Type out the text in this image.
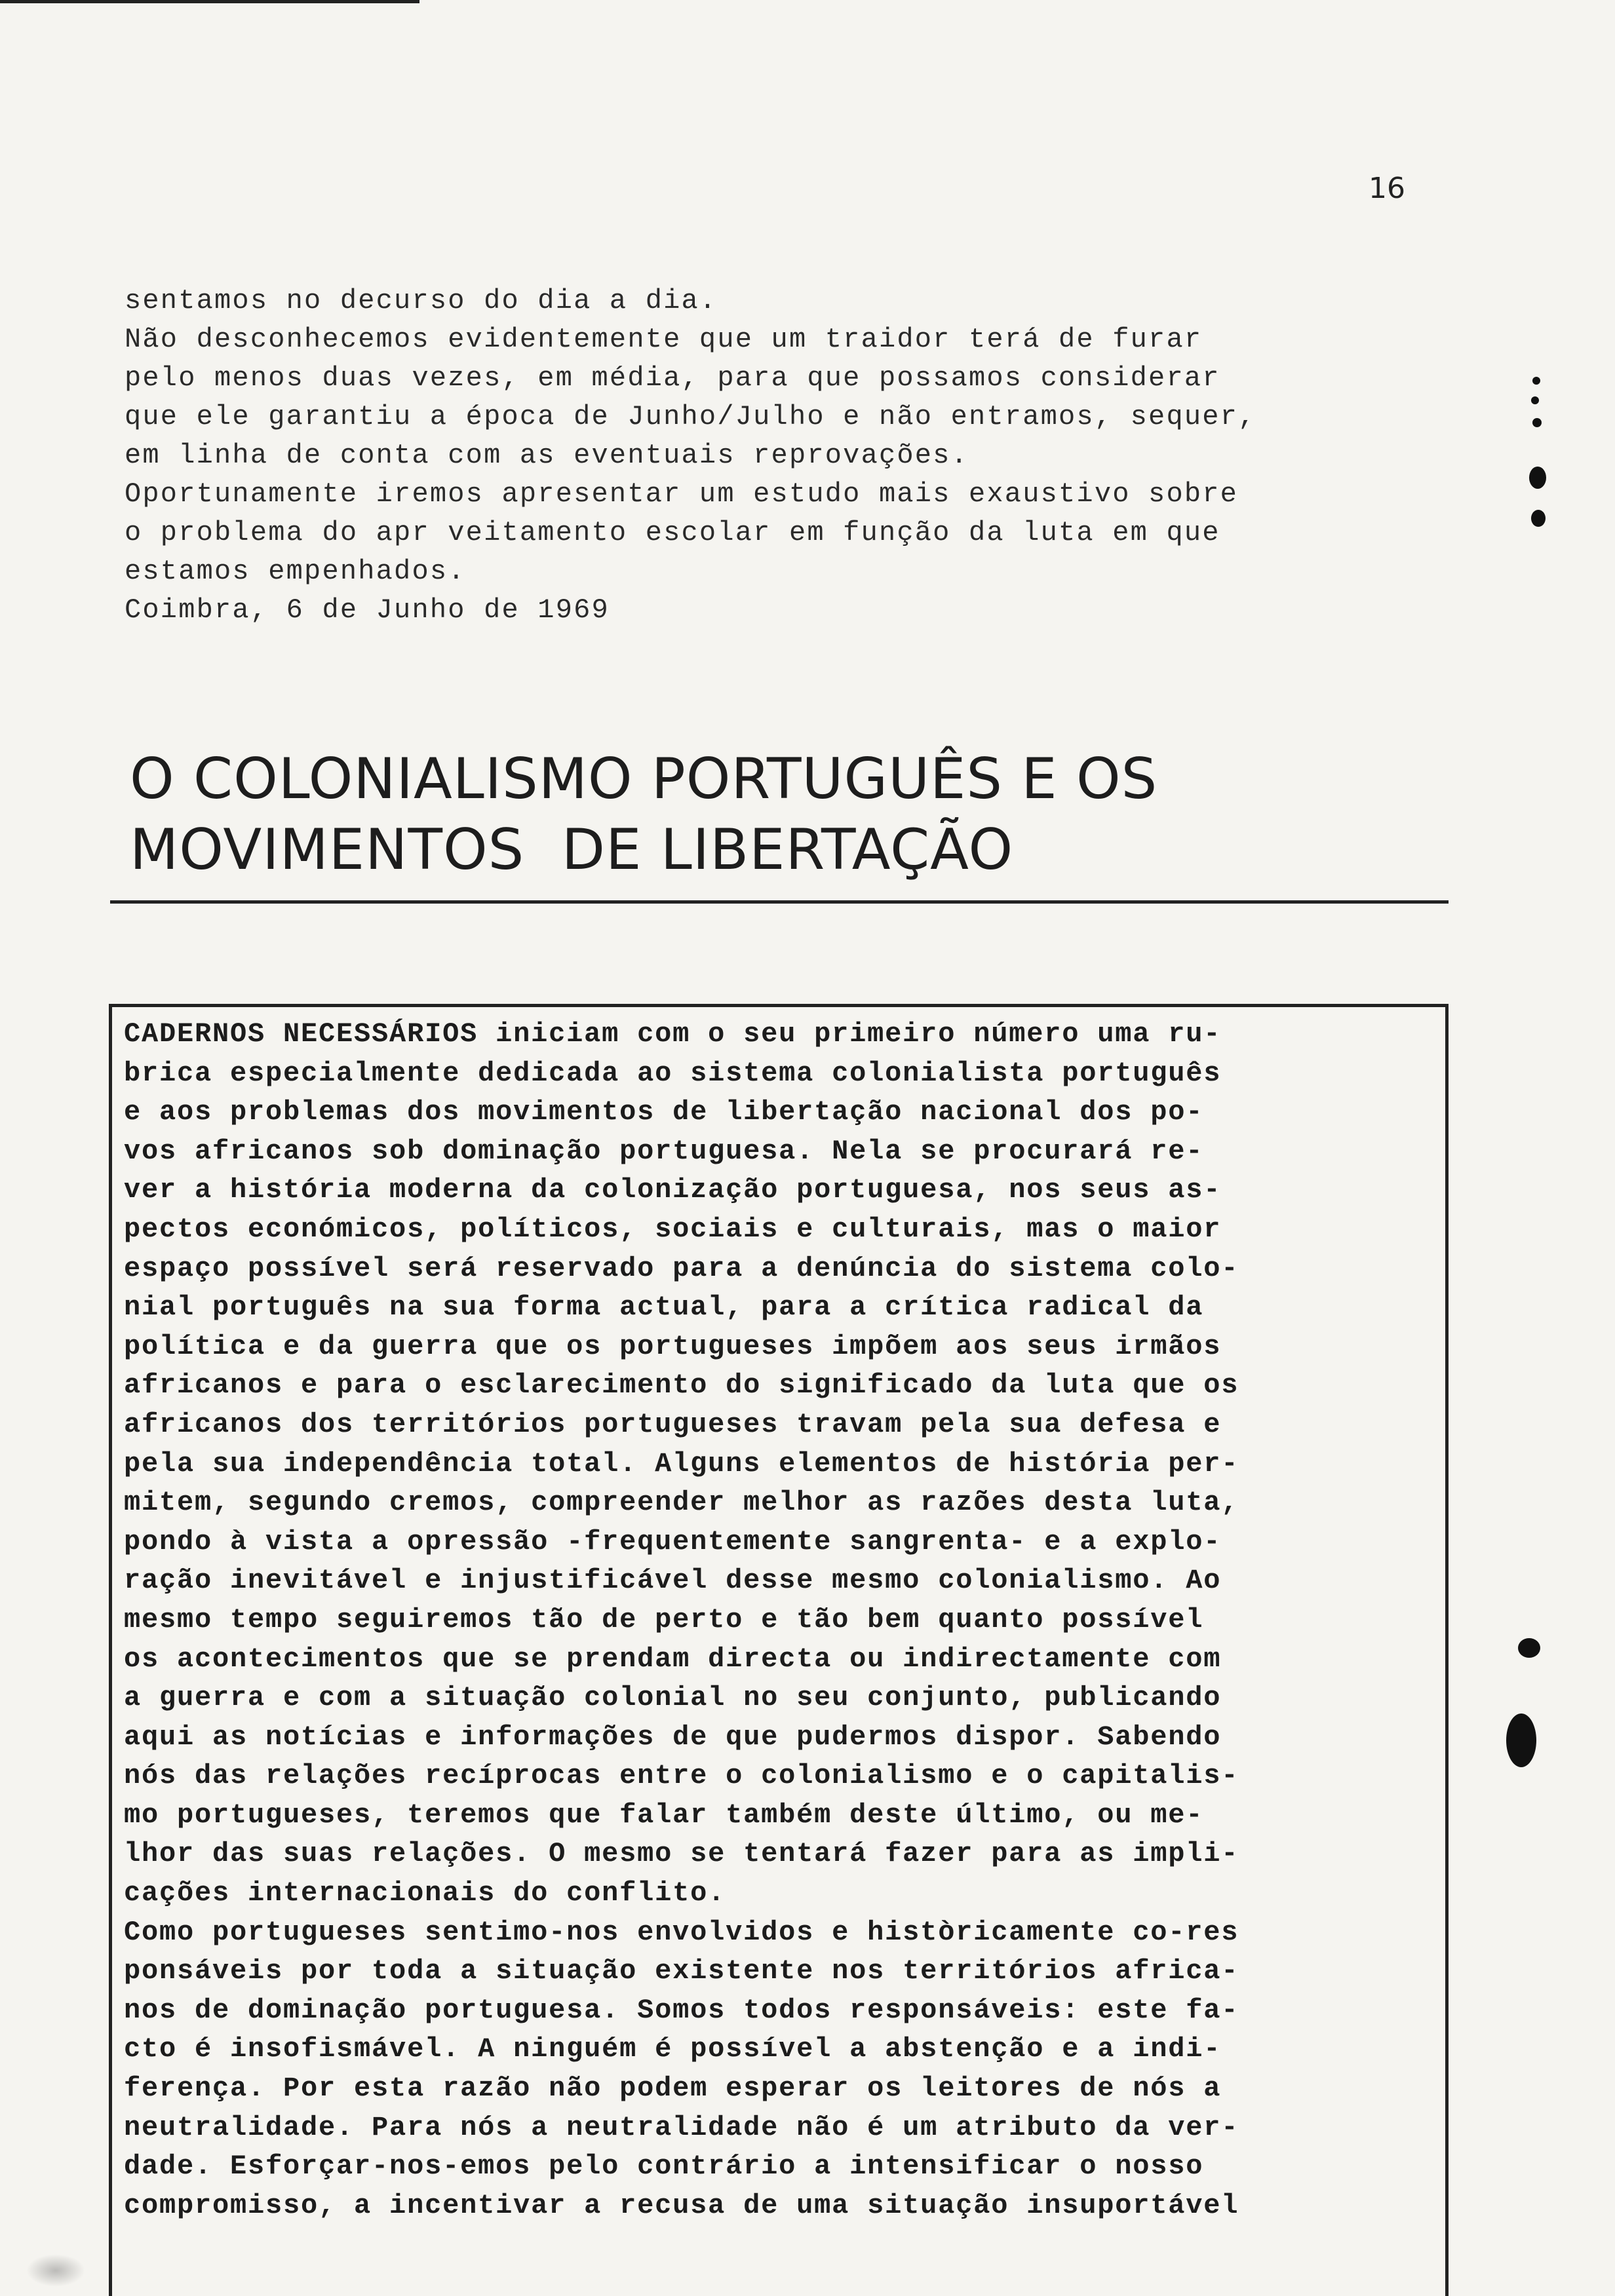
16
sentamos no decurso do dia a dia.
Não desconhecemos evidentemente que um traidor terá de furar
pelo menos duas vezes, em média, para que possamos considerar
que ele garantiu a época de Junho/Julho e não entramos, sequer,
em linha de conta com as eventuais reprovações.
Oportunamente iremos apresentar um estudo mais exaustivo sobre
o problema do apr veitamento escolar em função da luta em que
estamos empenhados.
Coimbra, 6 de Junho de 1969
O COLONIALISMO PORTUGUÊS E OS
MOVIMENTOS  DE LIBERTAÇÃO
CADERNOS NECESSÁRIOS iniciam com o seu primeiro número uma ru-
brica especialmente dedicada ao sistema colonialista português
e aos problemas dos movimentos de libertação nacional dos po-
vos africanos sob dominação portuguesa. Nela se procurará re-
ver a história moderna da colonização portuguesa, nos seus as-
pectos económicos, políticos, sociais e culturais, mas o maior
espaço possível será reservado para a denúncia do sistema colo-
nial português na sua forma actual, para a crítica radical da
política e da guerra que os portugueses impõem aos seus irmãos
africanos e para o esclarecimento do significado da luta que os
africanos dos territórios portugueses travam pela sua defesa e
pela sua independência total. Alguns elementos de história per-
mitem, segundo cremos, compreender melhor as razões desta luta,
pondo à vista a opressão -frequentemente sangrenta- e a explo-
ração inevitável e injustificável desse mesmo colonialismo. Ao
mesmo tempo seguiremos tão de perto e tão bem quanto possível
os acontecimentos que se prendam directa ou indirectamente com
a guerra e com a situação colonial no seu conjunto, publicando
aqui as notícias e informações de que pudermos dispor. Sabendo
nós das relações recíprocas entre o colonialismo e o capitalis-
mo portugueses, teremos que falar também deste último, ou me-
lhor das suas relações. O mesmo se tentará fazer para as impli-
cações internacionais do conflito.
Como portugueses sentimo-nos envolvidos e històricamente co-res
ponsáveis por toda a situação existente nos territórios africa-
nos de dominação portuguesa. Somos todos responsáveis: este fa-
cto é insofismável. A ninguém é possível a abstenção e a indi-
ferença. Por esta razão não podem esperar os leitores de nós a
neutralidade. Para nós a neutralidade não é um atributo da ver-
dade. Esforçar-nos-emos pelo contrário a intensificar o nosso
compromisso, a incentivar a recusa de uma situação insuportável
